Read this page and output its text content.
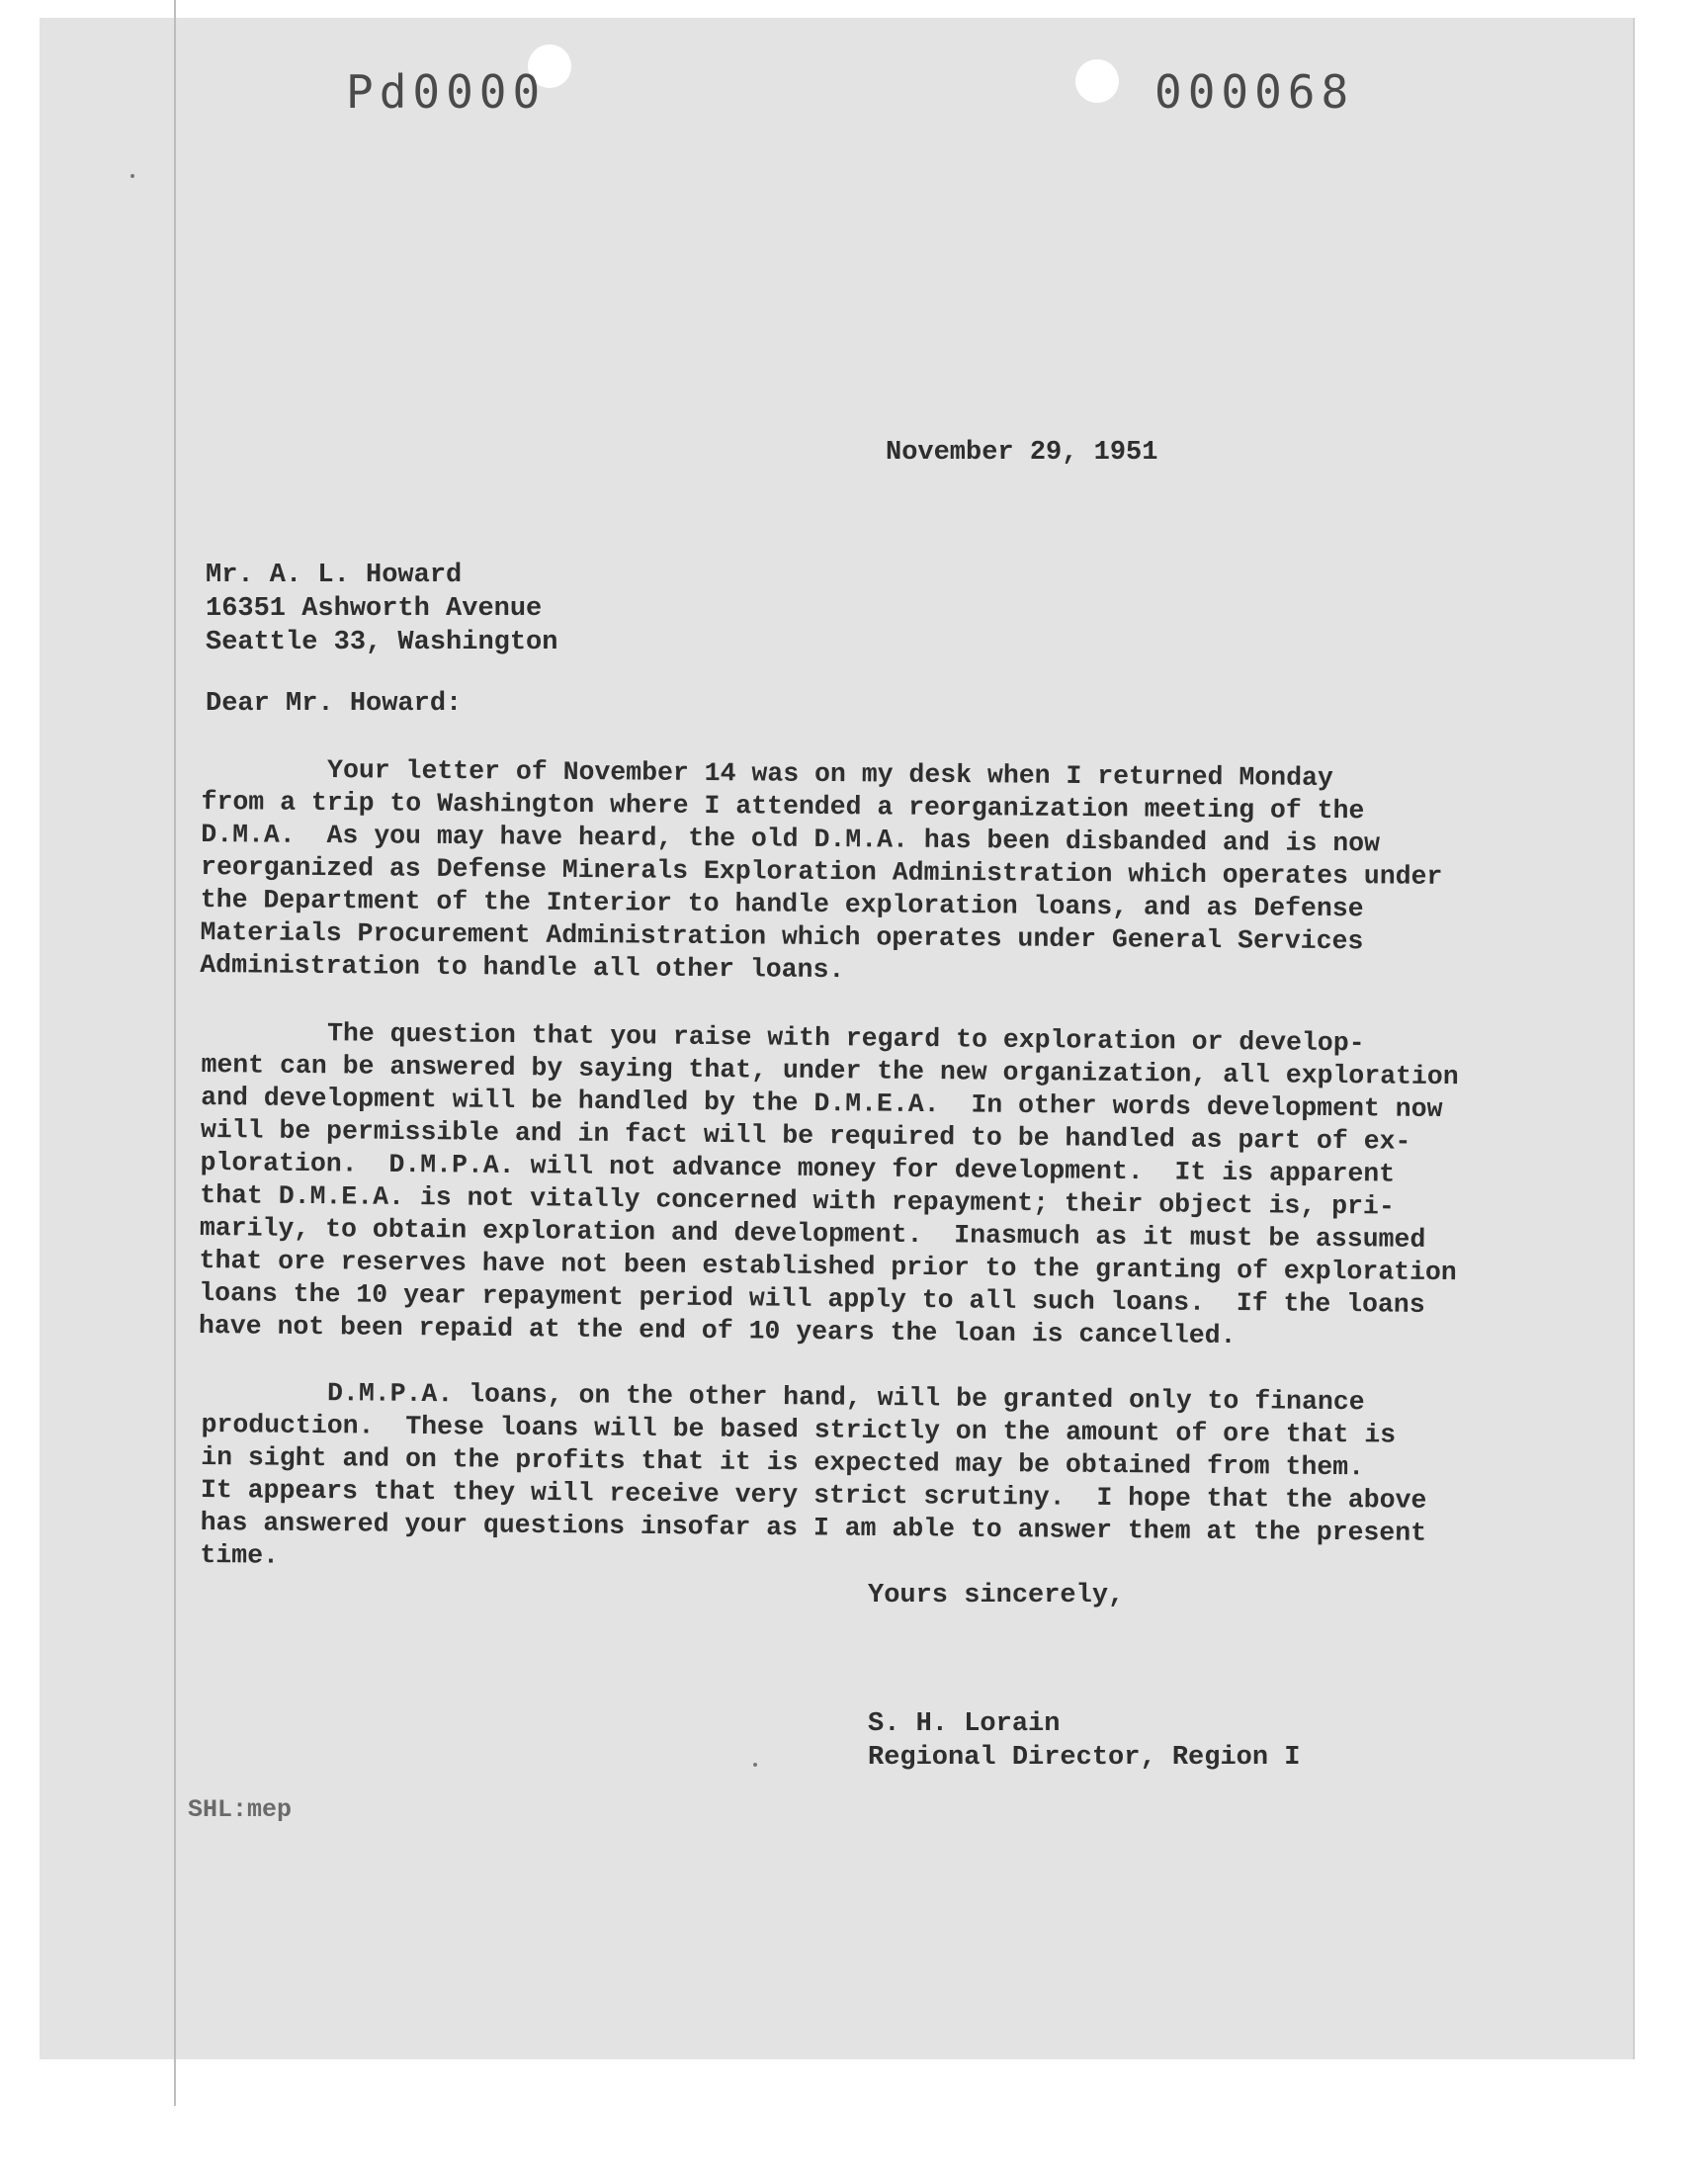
Pd0000	000068
November 29, 1951
Mr. A. L. Howard
16351 Ashworth Avenue
Seattle 33, Washington
Dear Mr. Howard:
Your letter of November 14 was on my desk when I returned Monday
from a trip to Washington where I attended a reorganization meeting of the
D.M.A.  As you may have heard, the old D.M.A. has been disbanded and is now
reorganized as Defense Minerals Exploration Administration which operates under
the Department of the Interior to handle exploration loans, and as Defense
Materials Procurement Administration which operates under General Services
Administration to handle all other loans.
The question that you raise with regard to exploration or develop-
ment can be answered by saying that, under the new organization, all exploration
and development will be handled by the D.M.E.A.  In other words development now
will be permissible and in fact will be required to be handled as part of ex-
ploration.  D.M.P.A. will not advance money for development.  It is apparent
that D.M.E.A. is not vitally concerned with repayment; their object is, pri-
marily, to obtain exploration and development.  Inasmuch as it must be assumed
that ore reserves have not been established prior to the granting of exploration
loans the 10 year repayment period will apply to all such loans.  If the loans
have not been repaid at the end of 10 years the loan is cancelled.
D.M.P.A. loans, on the other hand, will be granted only to finance
production.  These loans will be based strictly on the amount of ore that is
in sight and on the profits that it is expected may be obtained from them.
It appears that they will receive very strict scrutiny.  I hope that the above
has answered your questions insofar as I am able to answer them at the present
time.
Yours sincerely,
S. H. Lorain
Regional Director, Region I
SHL:mep
